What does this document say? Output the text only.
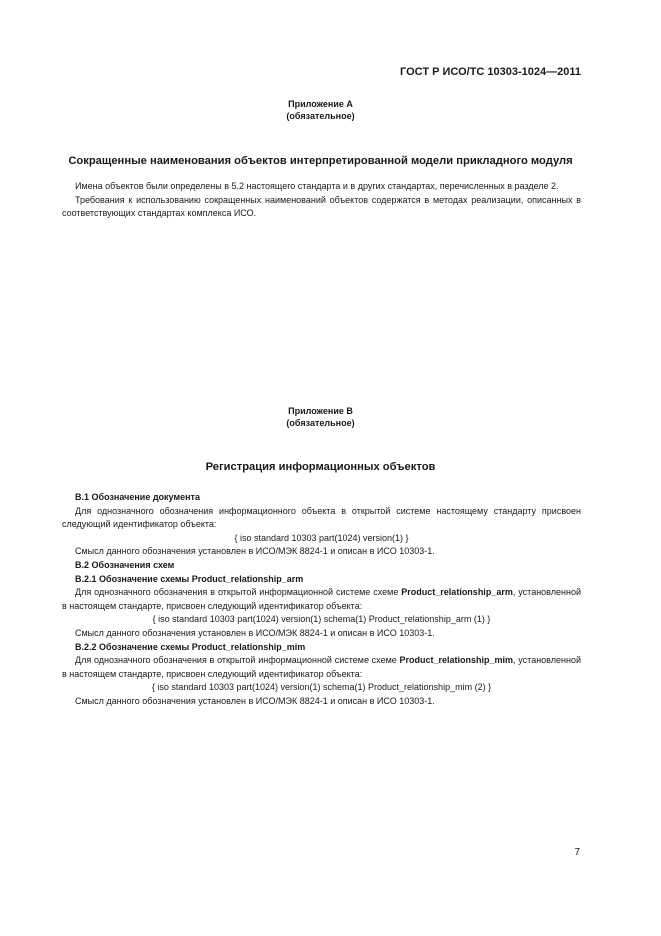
ГОСТ Р ИСО/ТС 10303-1024—2011
Приложение A
(обязательное)
Сокращенные наименования объектов интерпретированной модели прикладного модуля

Имена объектов были определены в 5.2 настоящего стандарта и в других стандартах, перечисленных в разделе 2.

Требования к использованию сокращенных наименований объектов содержатся в методах реализации, описанных в соответствующих стандартах комплекса ИСО.

Приложение B
(обязательное)
Регистрация информационных объектов

B.1 Обозначение документа

Для однозначного обозначения информационного объекта в открытой системе настоящему стандарту присвоен следующий идентификатор объекта:

{ iso standard 10303 part(1024) version(1) }

Смысл данного обозначения установлен в ИСО/МЭК 8824-1 и описан в ИСО 10303-1.

B.2 Обозначения схем

B.2.1 Обозначение схемы Product_relationship_arm

Для однозначного обозначения в открытой информационной системе схеме Product_relationship_arm, установленной в настоящем стандарте, присвоен следующий идентификатор объекта:

{ iso standard 10303 part(1024) version(1) schema(1) Product_relationship_arm (1) }

Смысл данного обозначения установлен в ИСО/МЭК 8824-1 и описан в ИСО 10303-1.

B.2.2 Обозначение схемы Product_relationship_mim

Для однозначного обозначения в открытой информационной системе схеме Product_relationship_mim, установленной в настоящем стандарте, присвоен следующий идентификатор объекта:

{ iso standard 10303 part(1024) version(1) schema(1) Product_relationship_mim (2) }

Смысл данного обозначения установлен в ИСО/МЭК 8824-1 и описан в ИСО 10303-1.

7
